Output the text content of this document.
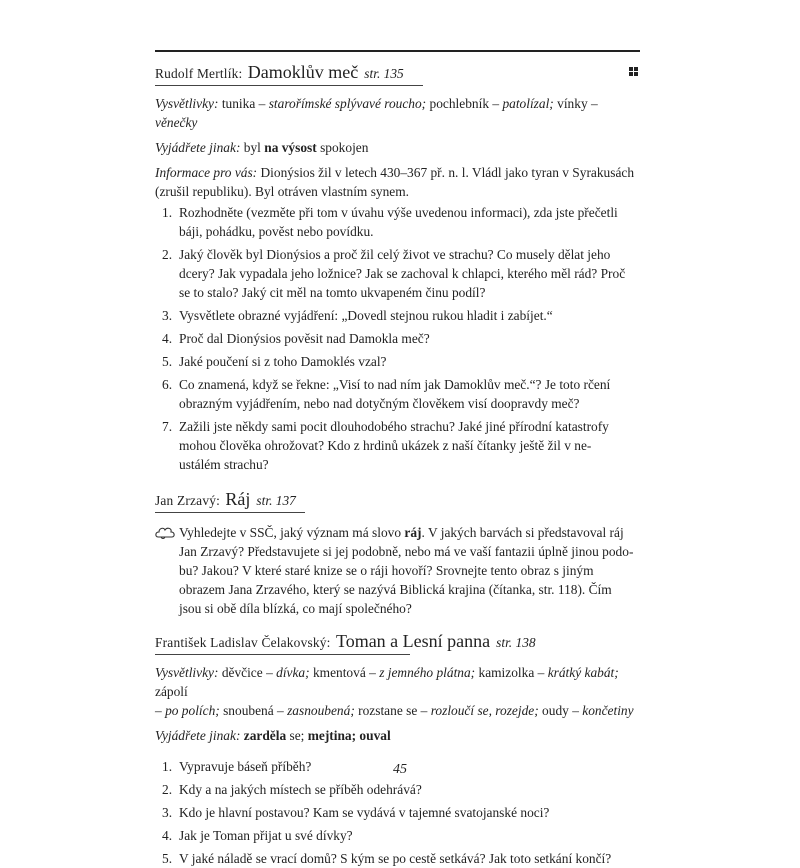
Rudolf Mertlík:
Damoklův meč str. 135

Vysvětlivky: tunika – starořímské splývavé roucho; pochlebník – patolízal; vínky – věnečky

Vyjádřete jinak: byl na výsost spokojen

Informace pro vás: Dionýsios žil v letech 430–367 př. n. l. Vládl jako tyran v Syrakusách
(zrušil republiku). Byl otráven vlastním synem.

1. Rozhodněte (vezměte při tom v úvahu výše uvedenou informaci), zda jste přečetli
báji, pohádku, pověst nebo povídku.
2. Jaký člověk byl Dionýsios a proč žil celý život ve strachu? Co musely dělat jeho
dcery? Jak vypadala jeho ložnice? Jak se zachoval k chlapci, kterého měl rád? Proč
se to stalo? Jaký cit měl na tomto ukvapeném činu podíl?
3. Vysvětlete obrazné vyjádření: „Dovedl stejnou rukou hladit i zabíjet.“
4. Proč dal Dionýsios pověsit nad Damokla meč?
5. Jaké poučení si z toho Damoklés vzal?
6. Co znamená, když se řekne: „Visí to nad ním jak Damoklův meč.“? Je toto rčení
obrazným vyjádřením, nebo nad dotyčným člověkem visí doopravdy meč?
7. Zažili jste někdy sami pocit dlouhodobého strachu? Jaké jiné přírodní katastrofy
mohou člověka ohrožovat? Kdo z hrdinů ukázek z naší čítanky ještě žil v ne-
ustálém strachu?
Jan Zrzavý:
Ráj str. 137

Vyhledejte v SSČ, jaký význam má slovo ráj. V jakých barvách si představoval ráj
Jan Zrzavý? Představujete si jej podobně, nebo má ve vaší fantazii úplně jinou podo-
bu? Jakou? V které staré knize se o ráji hovoří? Srovnejte tento obraz s jiným
obrazem Jana Zrzavého, který se nazývá Biblická krajina (čítanka, str. 118). Čím
jsou si obě díla blízká, co mají společného?

František Ladislav Čelakovský:
Toman a Lesní panna str. 138

Vysvětlivky: děvčice – dívka; kmentová – z jemného plátna; kamizolka – krátký kabát; zápolí
– po polích; snoubená – zasnoubená; rozstane se – rozloučí se, rozejde; oudy – končetiny

Vyjádřete jinak: zarděla se; mejtina; ouval

1. Vypravuje báseň příběh?
2. Kdy a na jakých místech se příběh odehrává?
3. Kdo je hlavní postavou? Kam se vydává v tajemné svatojanské noci?
4. Jak je Toman přijat u své dívky?
5. V jaké náladě se vrací domů? S kým se po cestě setkává? Jak toto setkání končí?
45
